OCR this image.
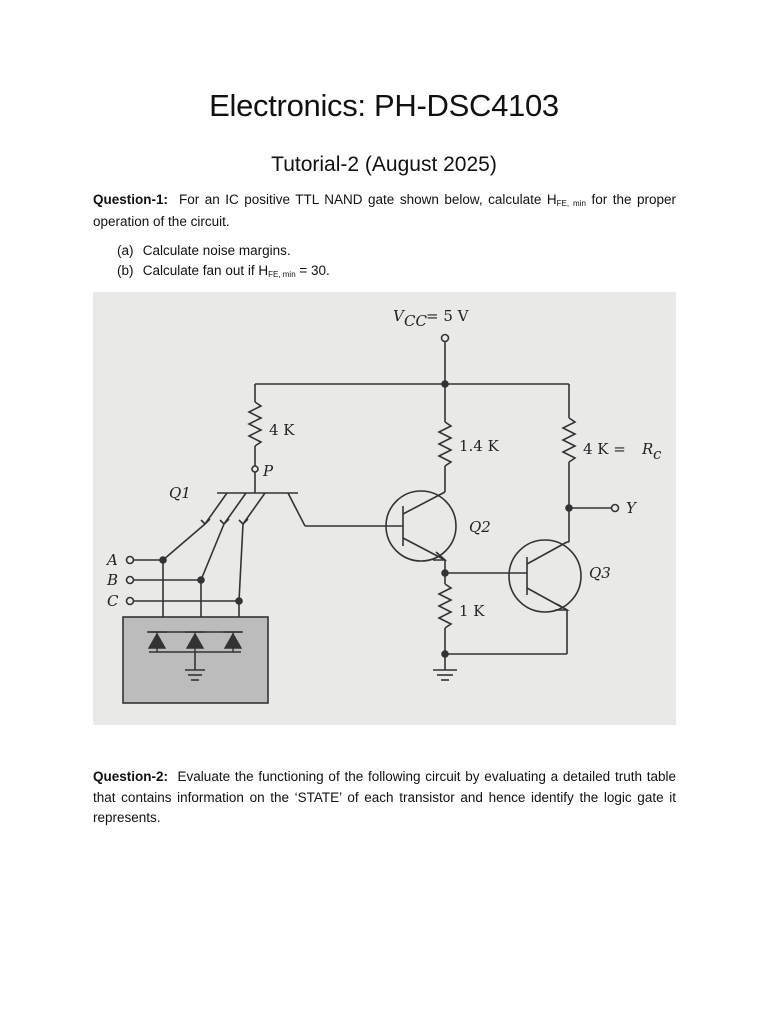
Electronics: PH-DSC4103
Tutorial-2 (August 2025)
Question-1: For an IC positive TTL NAND gate shown below, calculate HFE, min for the proper operation of the circuit.
(a) Calculate noise margins.
(b) Calculate fan out if HFE, min = 30.
V CC = 5 V
4 K
P
1.4 K	4 K = R c
Q1
Q2
Q3
1 K
Y
A
B
C
Question-2: Evaluate the functioning of the following circuit by evaluating a detailed truth table that contains information on the ‘STATE’ of each transistor and hence identify the logic gate it represents.
